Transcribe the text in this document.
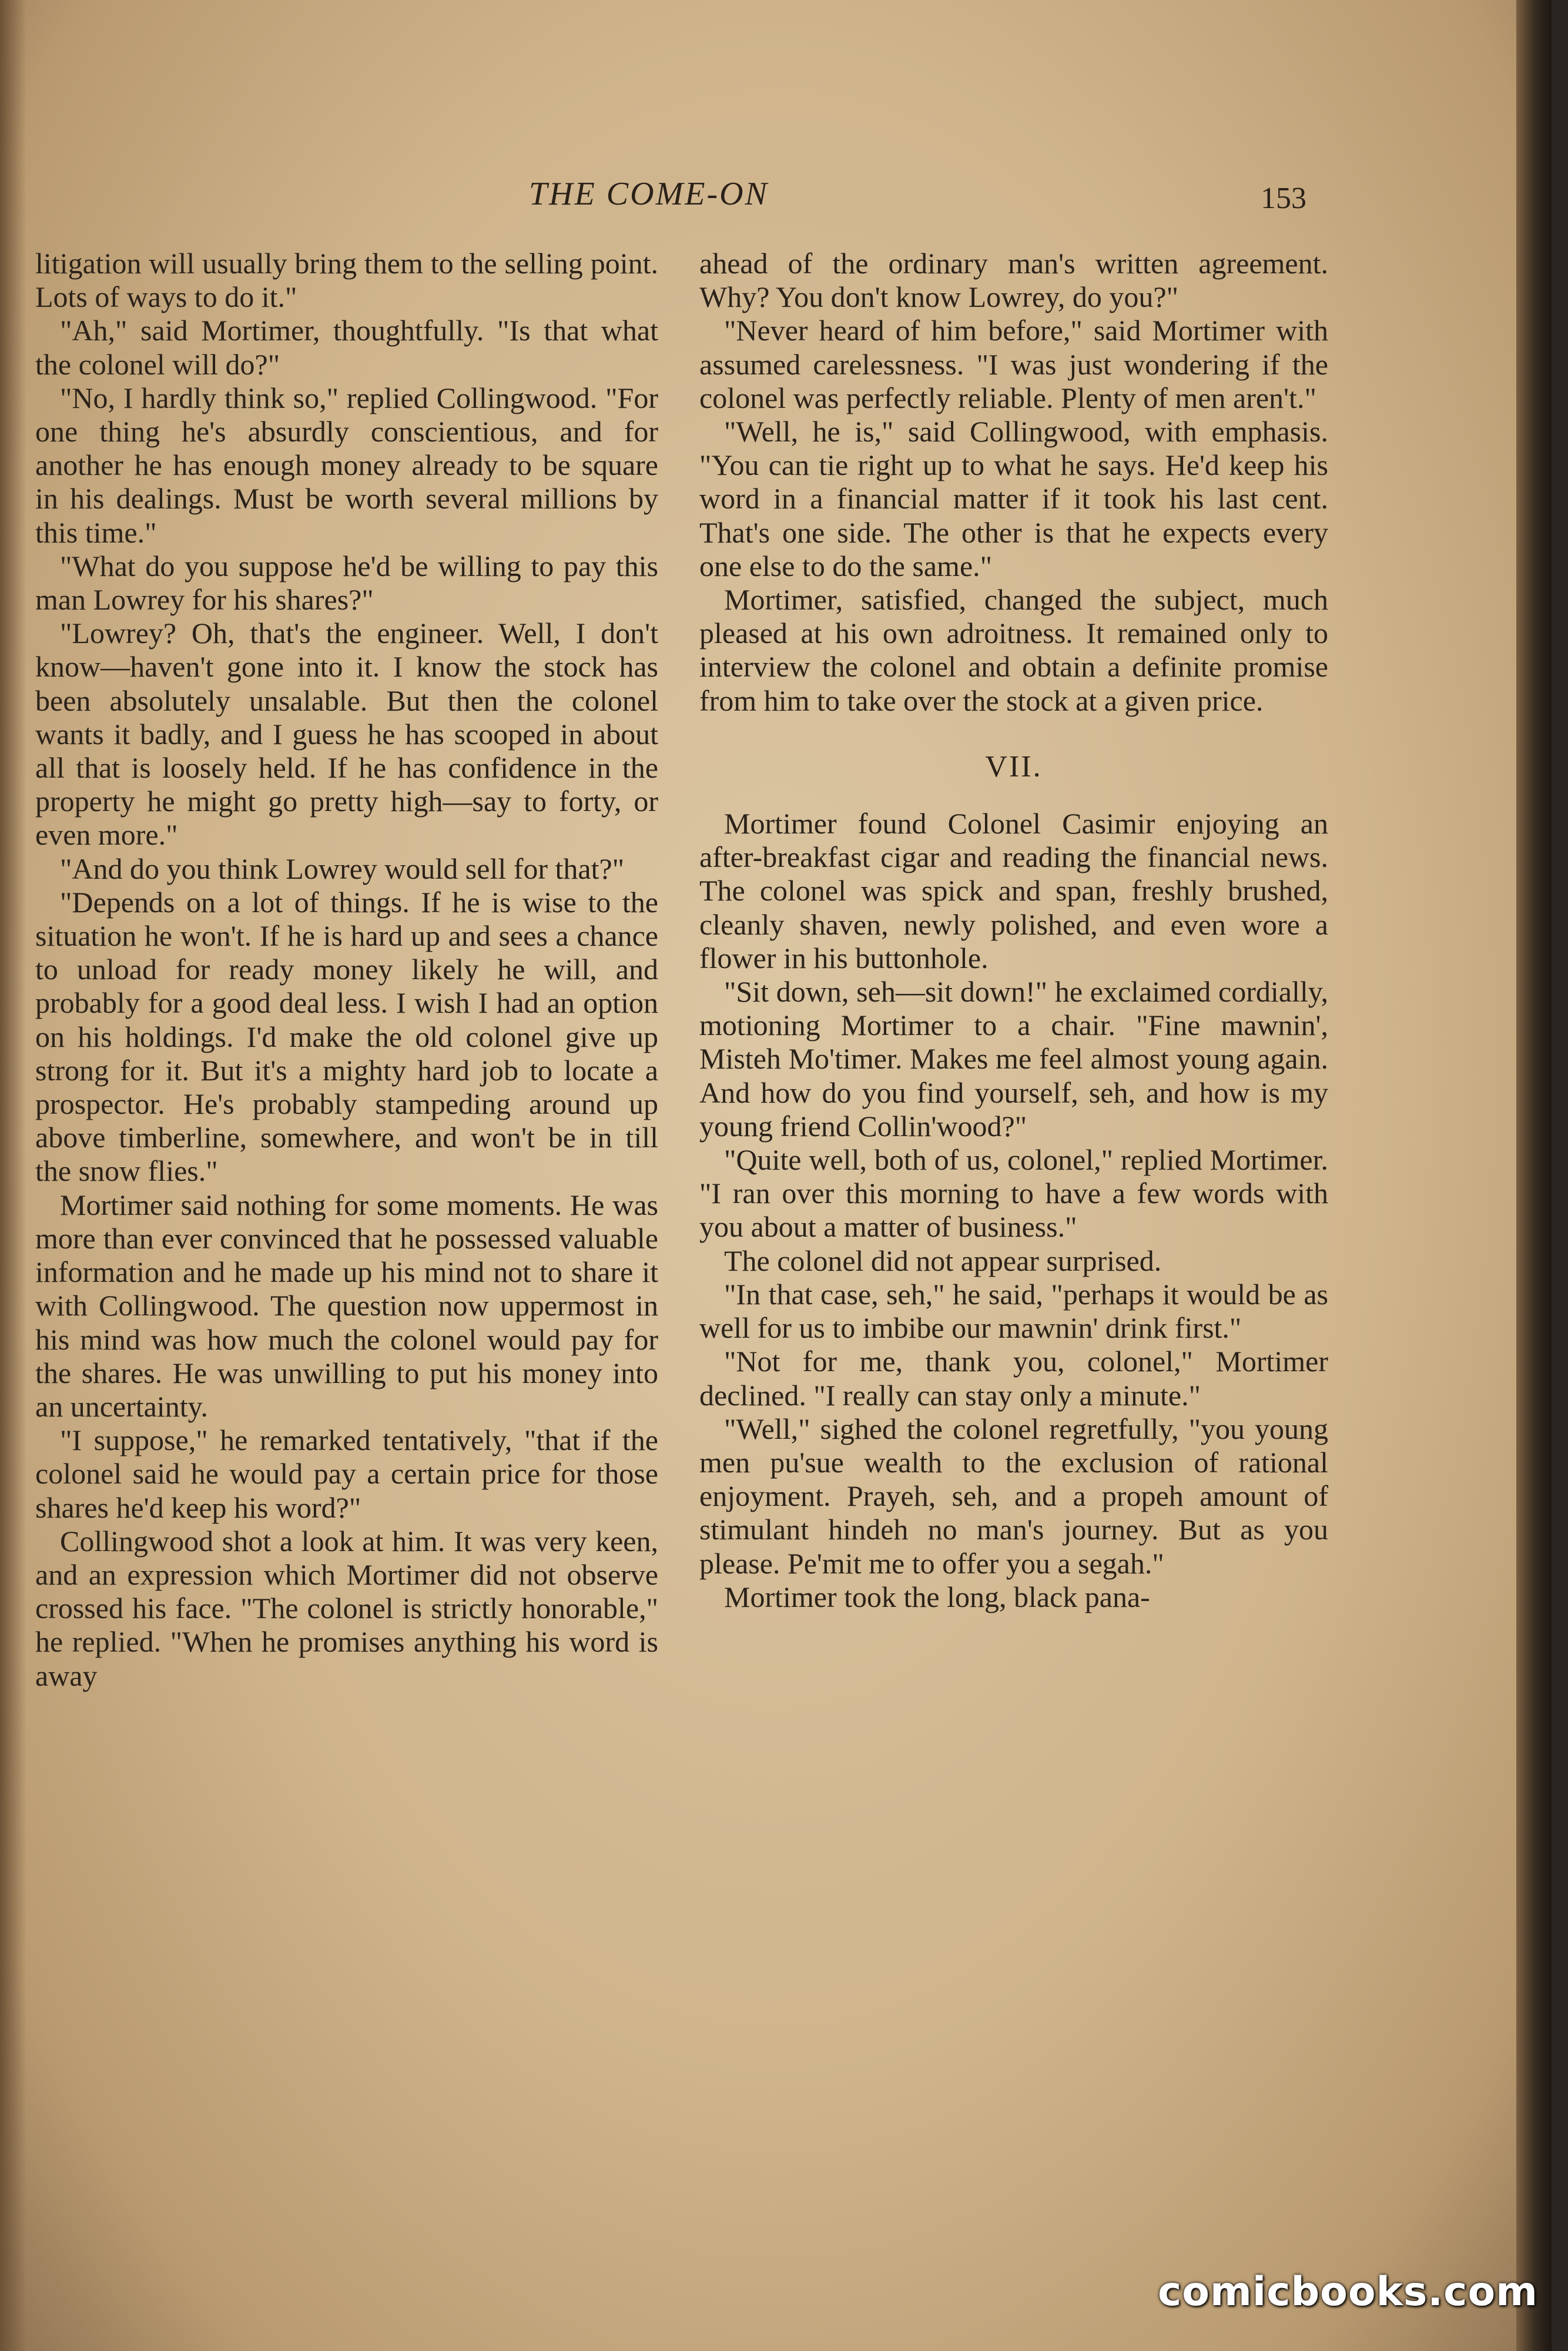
THE COME-ON	153

litigation will usually bring them to the selling point. Lots of ways to do it."

"Ah," said Mortimer, thoughtfully. "Is that what the colonel will do?"

"No, I hardly think so," replied Collingwood. "For one thing he's absurdly conscientious, and for another he has enough money already to be square in his dealings. Must be worth several millions by this time."

"What do you suppose he'd be willing to pay this man Lowrey for his shares?"

"Lowrey? Oh, that's the engineer. Well, I don't know—haven't gone into it. I know the stock has been absolutely unsalable. But then the colonel wants it badly, and I guess he has scooped in about all that is loosely held. If he has confidence in the property he might go pretty high—say to forty, or even more."

"And do you think Lowrey would sell for that?"

"Depends on a lot of things. If he is wise to the situation he won't. If he is hard up and sees a chance to unload for ready money likely he will, and probably for a good deal less. I wish I had an option on his holdings. I'd make the old colonel give up strong for it. But it's a mighty hard job to locate a prospector. He's probably stampeding around up above timberline, somewhere, and won't be in till the snow flies."

Mortimer said nothing for some moments. He was more than ever convinced that he possessed valuable information and he made up his mind not to share it with Collingwood. The question now uppermost in his mind was how much the colonel would pay for the shares. He was unwilling to put his money into an uncertainty.

"I suppose," he remarked tentatively, "that if the colonel said he would pay a certain price for those shares he'd keep his word?"

Collingwood shot a look at him. It was very keen, and an expression which Mortimer did not observe crossed his face. "The colonel is strictly honorable," he replied. "When he promises anything his word is away

ahead of the ordinary man's written agreement. Why? You don't know Lowrey, do you?"

"Never heard of him before," said Mortimer with assumed carelessness. "I was just wondering if the colonel was perfectly reliable. Plenty of men aren't."

"Well, he is," said Collingwood, with emphasis. "You can tie right up to what he says. He'd keep his word in a financial matter if it took his last cent. That's one side. The other is that he expects every one else to do the same."

Mortimer, satisfied, changed the subject, much pleased at his own adroitness. It remained only to interview the colonel and obtain a definite promise from him to take over the stock at a given price.

VII.

Mortimer found Colonel Casimir enjoying an after-breakfast cigar and reading the financial news. The colonel was spick and span, freshly brushed, cleanly shaven, newly polished, and even wore a flower in his buttonhole.

"Sit down, seh—sit down!" he exclaimed cordially, motioning Mortimer to a chair. "Fine mawnin', Misteh Mo'timer. Makes me feel almost young again. And how do you find yourself, seh, and how is my young friend Collin'wood?"

"Quite well, both of us, colonel," replied Mortimer. "I ran over this morning to have a few words with you about a matter of business."

The colonel did not appear surprised.

"In that case, seh," he said, "perhaps it would be as well for us to imbibe our mawnin' drink first."

"Not for me, thank you, colonel," Mortimer declined. "I really can stay only a minute."

"Well," sighed the colonel regretfully, "you young men pu'sue wealth to the exclusion of rational enjoyment. Prayeh, seh, and a propeh amount of stimulant hindeh no man's journey. But as you please. Pe'mit me to offer you a segah."

Mortimer took the long, black pana-

comicbooks.com
